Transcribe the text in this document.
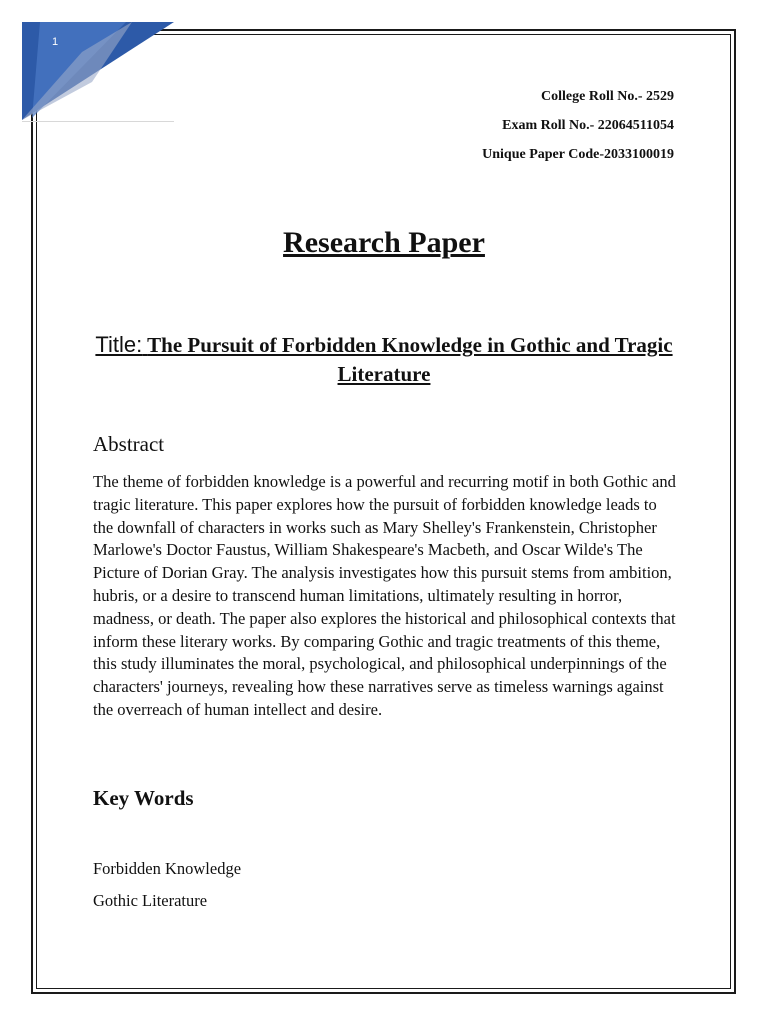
1
College Roll No.- 2529
Exam Roll No.- 22064511054
Unique Paper Code-2033100019
Research Paper
Title: The Pursuit of Forbidden Knowledge in Gothic and Tragic Literature
Abstract
The theme of forbidden knowledge is a powerful and recurring motif in both Gothic and tragic literature. This paper explores how the pursuit of forbidden knowledge leads to the downfall of characters in works such as Mary Shelley's Frankenstein, Christopher Marlowe's Doctor Faustus, William Shakespeare's Macbeth, and Oscar Wilde's The Picture of Dorian Gray. The analysis investigates how this pursuit stems from ambition, hubris, or a desire to transcend human limitations, ultimately resulting in horror, madness, or death. The paper also explores the historical and philosophical contexts that inform these literary works. By comparing Gothic and tragic treatments of this theme, this study illuminates the moral, psychological, and philosophical underpinnings of the characters' journeys, revealing how these narratives serve as timeless warnings against the overreach of human intellect and desire.
Key Words
Forbidden Knowledge
Gothic Literature
